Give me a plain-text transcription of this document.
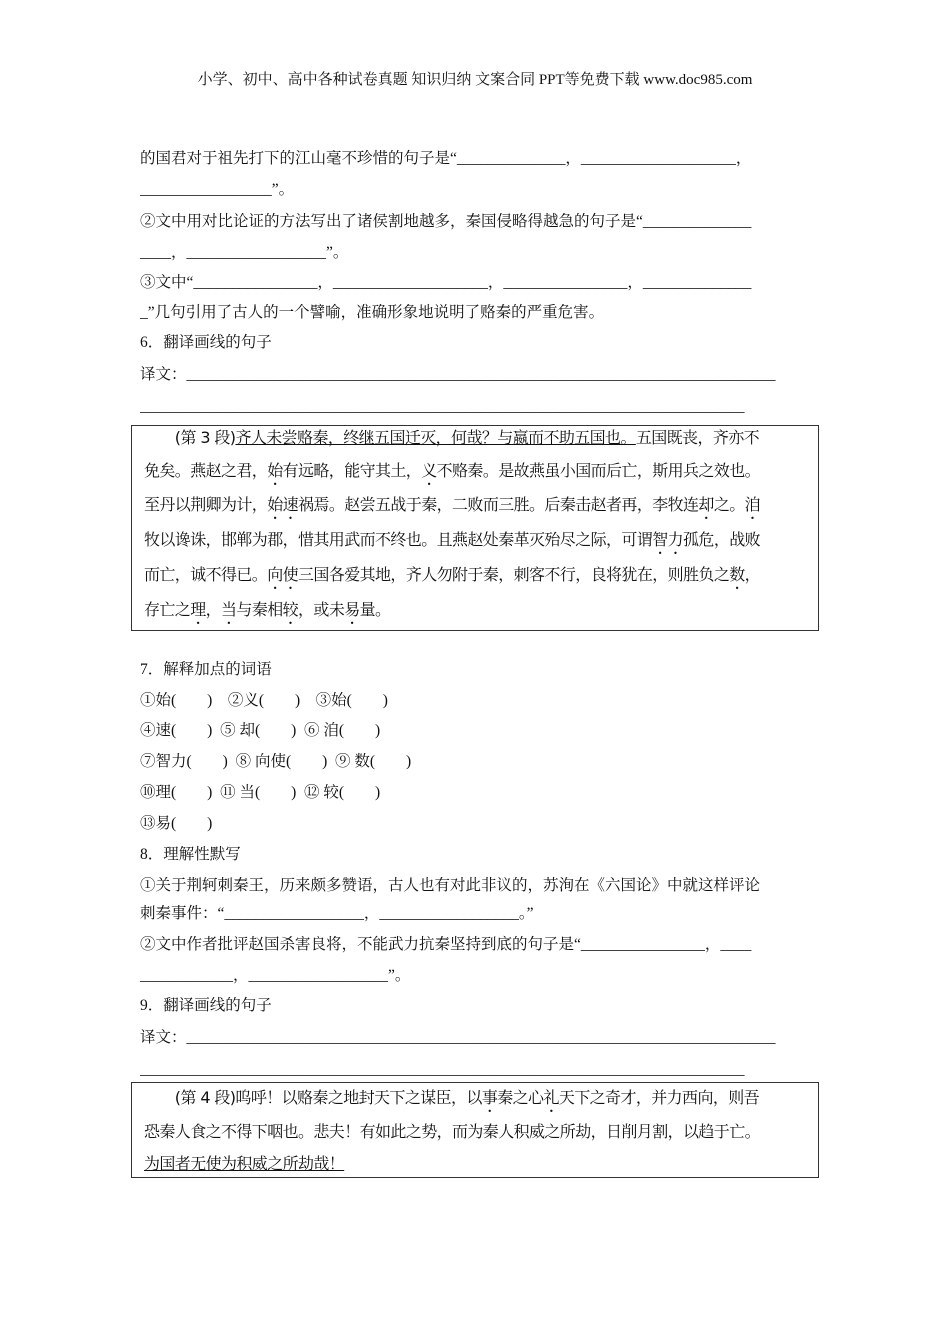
小学、初中、高中各种试卷真题 知识归纳 文案合同 PPT等免费下载 www.doc985.com
的国君对于祖先打下的江山毫不珍惜的句子是“______________，____________________，
_________________”。
②文中用对比论证的方法写出了诸侯割地越多，秦国侵略得越急的句子是“______________
____，__________________”。
③文中“________________，____________________，________________，______________
_”几句引用了古人的一个譬喻，准确形象地说明了赂秦的严重危害。
6．翻译画线的句子
译文：____________________________________________________________________________
______________________________________________________________________________
　　(第 3 段)齐人未尝赂秦，终继五国迁灭，何哉？与嬴而不助五国也。五国既丧，齐亦不
免矣。燕赵之君，始有远略，能守其土，义不赂秦。是故燕虽小国而后亡，斯用兵之效也。
至丹以荆卿为计，始速祸焉。赵尝五战于秦，二败而三胜。后秦击赵者再，李牧连却之。洎
牧以谗诛，邯郸为郡，惜其用武而不终也。且燕赵处秦革灭殆尽之际，可谓智力孤危，战败
而亡，诚不得已。向使三国各爱其地，齐人勿附于秦，刺客不行，良将犹在，则胜负之数，
存亡之理，当与秦相较，或未易量。
7．解释加点的词语
①始(　　)　②义(　　)　③始(　　)
④速(　　)  ⑤ 却(　　)  ⑥ 洎(　　)
⑦智力(　　)  ⑧ 向使(　　)  ⑨ 数(　　)
⑩理(　　)  ⑪ 当(　　)  ⑫ 较(　　)
⑬易(　　)
8．理解性默写
①关于荆轲刺秦王，历来颇多赞语，古人也有对此非议的，苏洵在《六国论》中就这样评论
刺秦事件：“__________________，__________________。”
②文中作者批评赵国杀害良将，不能武力抗秦坚持到底的句子是“________________，____
____________，__________________”。
9．翻译画线的句子
译文：____________________________________________________________________________
______________________________________________________________________________
　　(第 4 段)呜呼！以赂秦之地封天下之谋臣，以事秦之心礼天下之奇才，并力西向，则吾
恐秦人食之不得下咽也。悲夫！有如此之势，而为秦人积威之所劫，日削月割，以趋于亡。
为国者无使为积威之所劫哉！
